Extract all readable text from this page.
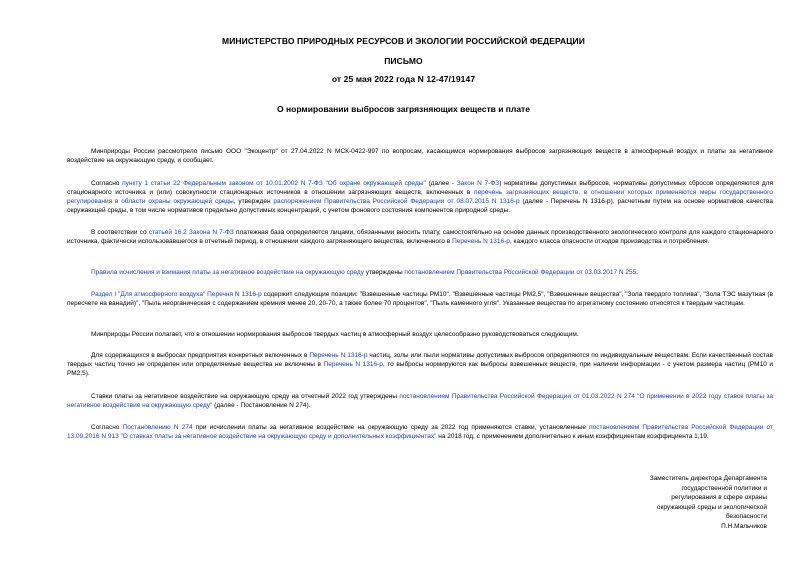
МИНИСТЕРСТВО ПРИРОДНЫХ РЕСУРСОВ И ЭКОЛОГИИ РОССИЙСКОЙ ФЕДЕРАЦИИ
ПИСЬМО
от 25 мая 2022 года N 12-47/19147
О нормировании выбросов загрязняющих веществ и плате
Минприроды России рассмотрело письмо ООО "Экоцентр" от 27.04.2022 N МСК-0422-997 по вопросам, касающимся нормирования выбросов загрязняющих веществ в атмосферный воздух и платы за негативное воздействие на окружающую среду, и сообщает.
Согласно пункту 1 статьи 22 Федеральным законом от 10.01.2002 N 7-ФЗ "Об охране окружающей среды" (далее - Закон N 7-ФЗ) нормативы допустимых выбросов, нормативы допустимых сбросов определяются для стационарного источника и (или) совокупности стационарных источников в отношении загрязняющих веществ, включенных в перечень загрязняющих веществ, в отношении которых применяются меры государственного регулирования в области охраны окружающей среды, утвержден распоряжением Правительства Российской Федерации от 08.07.2015 N 1316-р (далее - Перечень N 1316-р), расчетным путем на основе нормативов качества окружающей среды, в том числе нормативов предельно допустимых концентраций, с учетом фонового состояния компонентов природной среды.
В соответствии со статьей 16.2 Закона N 7-ФЗ платежная база определяется лицами, обязанными вносить плату, самостоятельно на основе данных производственного экологического контроля для каждого стационарного источника, фактически использовавшегося в отчетный период, в отношении каждого загрязняющего вещества, включенного в Перечень N 1316-р, каждого класса опасности отходов производства и потребления.
Правила исчисления и взимания платы за негативное воздействие на окружающую среду утверждены постановлением Правительства Российской Федерации от 03.03.2017 N 255.
Раздел I "Для атмосферного воздуха" Перечня N 1316-р содержит следующие позиции: "Взвешенные частицы РМ10", "Взвешенные частицы РМ2,5", "Взвешенные вещества", "Зола твердого топлива", "Зола ТЭС мазутная (в пересчете на ванадий)", "Пыль неорганическая с содержанием кремния менее 20, 20-70, а также более 70 процентов", "Пыль каменного угля". Указанные вещества по агрегатному состоянию относятся к твердым частицам.
Минприроды России полагает, что в отношении нормирования выбросов твердых частиц в атмосферный воздух целесообразно руководствоваться следующим.
Для содержащихся в выбросах предприятия конкретных включенных в Перечень N 1316-р частиц, золы или пыли нормативы допустимых выбросов определяются по индивидуальным веществам. Если качественный состав твердых частиц точно не определен или определяемые вещества не включены в Перечень N 1316-р, то выбросы нормируются как выбросы взвешенных веществ, при наличии информации - с учетом размера частиц (РМ10 и РМ2,5).
Ставки платы за негативное воздействие на окружающую среду на отчетный 2022 год утверждены постановлением Правительства Российской Федерации от 01.03.2022 N 274 "О применении в 2022 году ставок платы за негативное воздействие на окружающую среду" (далее - Постановление N 274).
Согласно Постановлению N 274 при исчислении платы за негативное воздействие на окружающую среду за 2022 год применяются ставки, установленные постановлением Правительства Российской Федерации от 13.09.2016 N 913 "О ставках платы за негативное воздействие на окружающую среду и дополнительных коэффициентах" на 2018 год, с применением дополнительно к иным коэффициентам коэффициента 1,19.
Заместитель директора Департамента
государственной политики и
регулирования в сфере охраны
окружающей среды и экологической
безопасности
П.Н.Мальчиков
